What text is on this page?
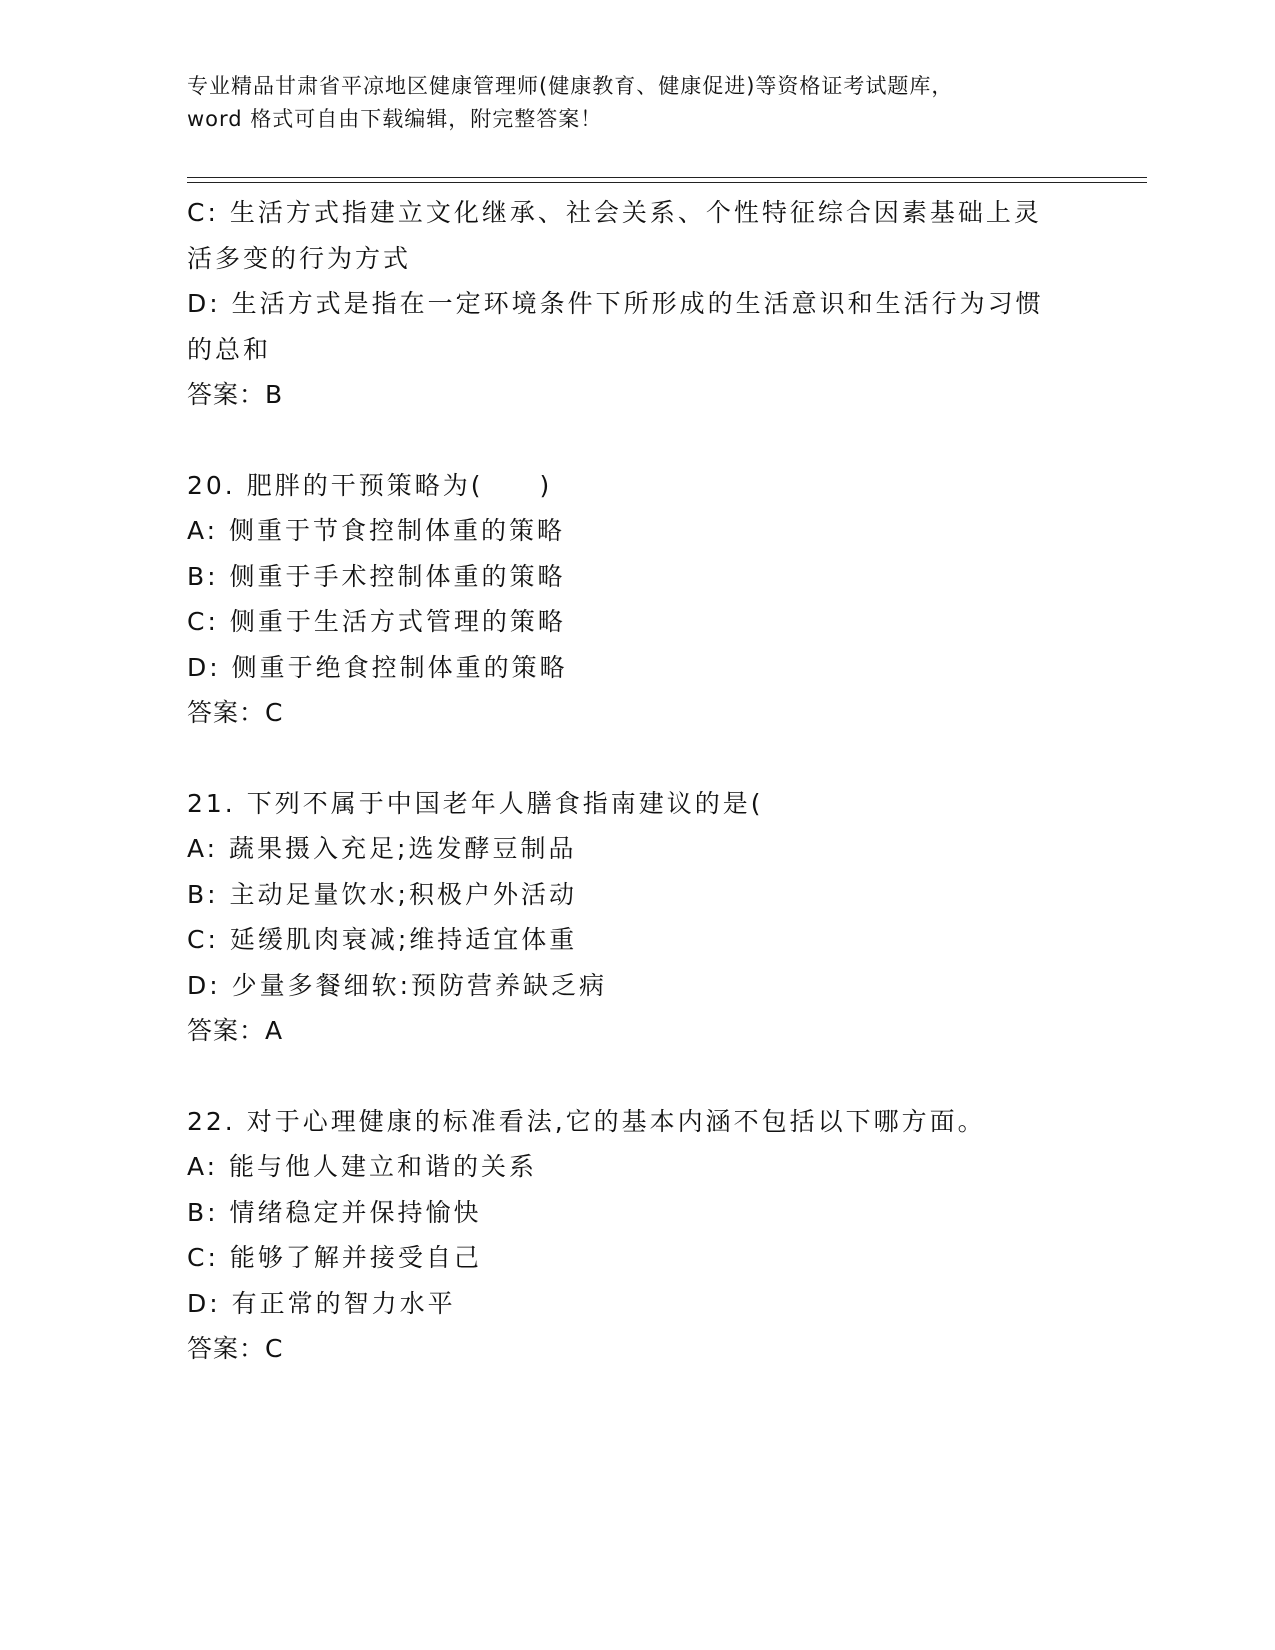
专业精品甘肃省平凉地区健康管理师(健康教育、健康促进)等资格证考试题库，
word 格式可自由下载编辑，附完整答案！
C: 生活方式指建立文化继承、社会关系、个性特征综合因素基础上灵
活多变的行为方式
D: 生活方式是指在一定环境条件下所形成的生活意识和生活行为习惯
的总和
答案：B
20. 肥胖的干预策略为(　　)
A: 侧重于节食控制体重的策略
B: 侧重于手术控制体重的策略
C: 侧重于生活方式管理的策略
D: 侧重于绝食控制体重的策略
答案：C
21. 下列不属于中国老年人膳食指南建议的是(
A: 蔬果摄入充足;选发酵豆制品
B: 主动足量饮水;积极户外活动
C: 延缓肌肉衰减;维持适宜体重
D: 少量多餐细软:预防营养缺乏病
答案：A
22. 对于心理健康的标准看法,它的基本内涵不包括以下哪方面。
A: 能与他人建立和谐的关系
B: 情绪稳定并保持愉快
C: 能够了解并接受自己
D: 有正常的智力水平
答案：C
